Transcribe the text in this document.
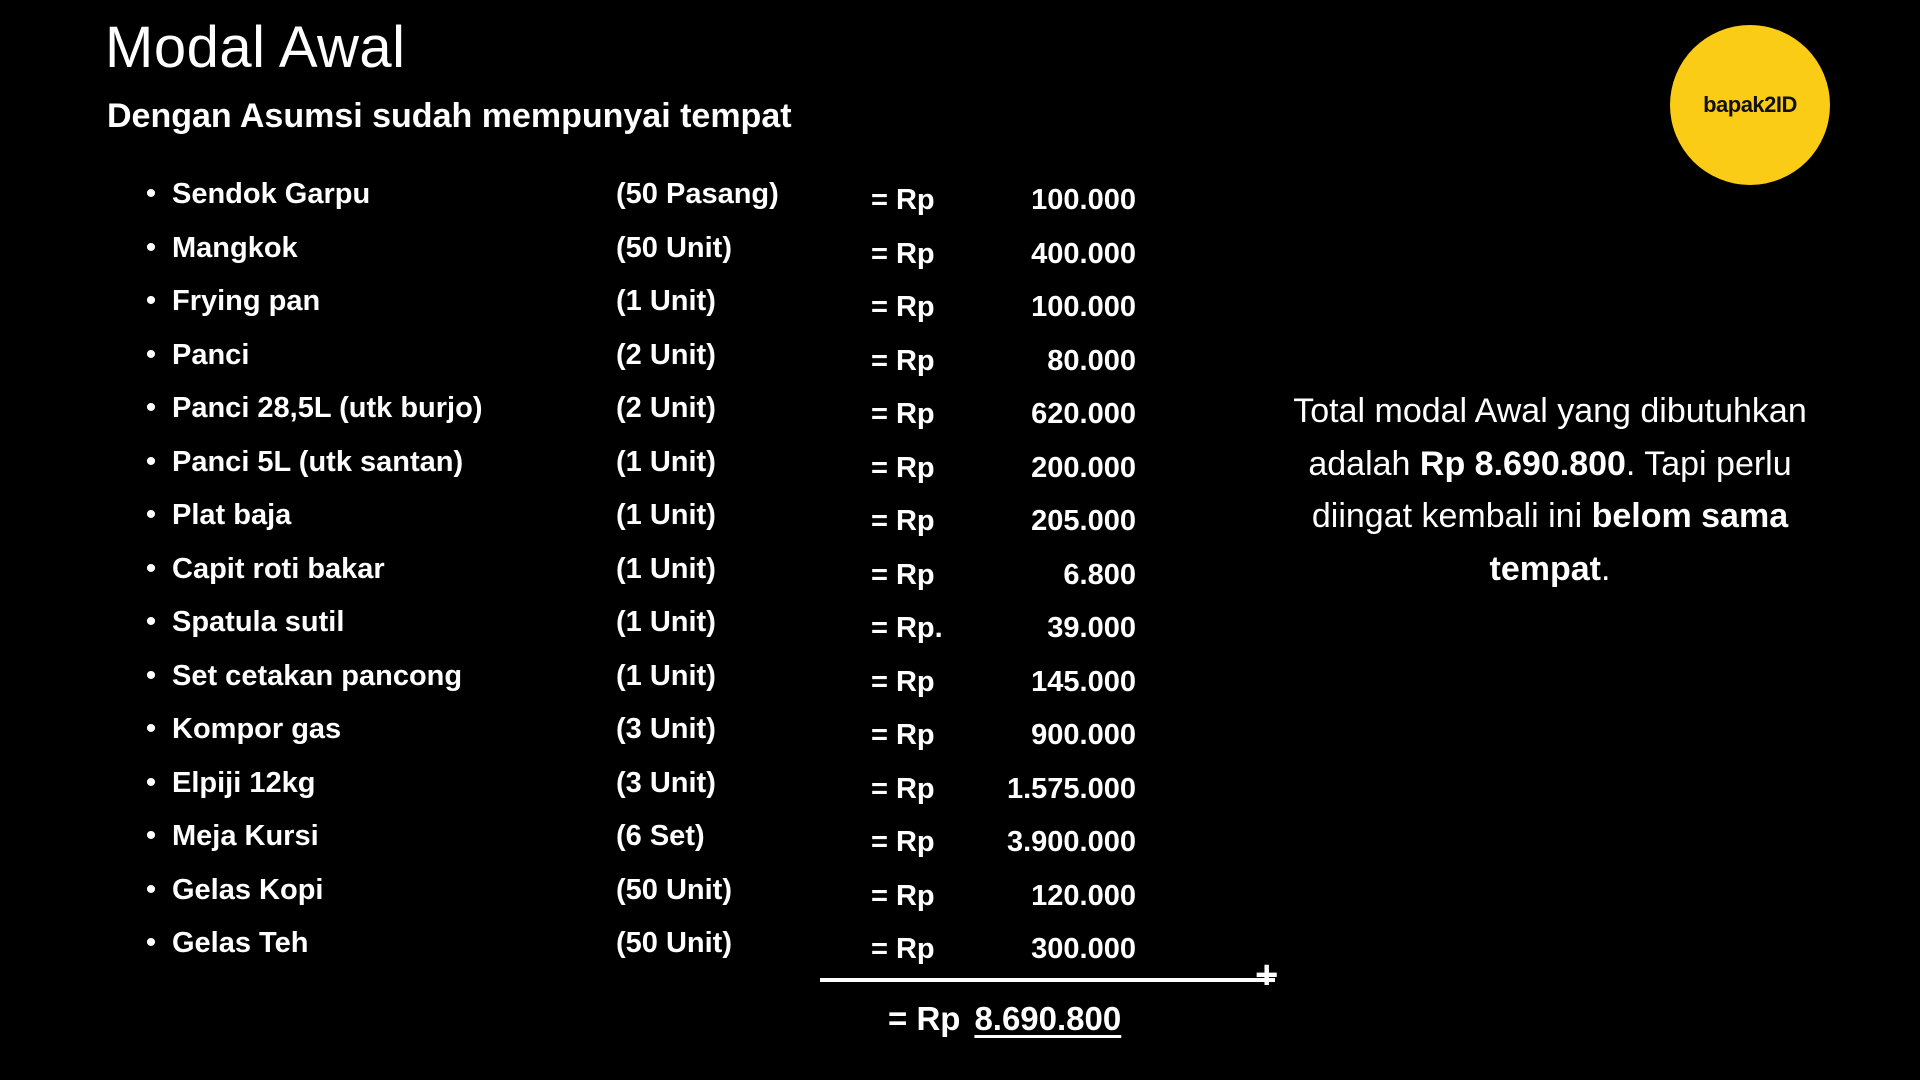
Modal Awal
Dengan Asumsi sudah mempunyai tempat	bapak2ID
• Sendok Garpu	(50 Pasang)	= Rp	100.000
• Mangkok	(50 Unit)	= Rp	400.000
• Frying pan	(1 Unit)	= Rp	100.000
• Panci	(2 Unit)	= Rp	80.000
• Panci 28,5L (utk burjo)	(2 Unit)	= Rp	620.000
• Panci 5L (utk santan)	(1 Unit)	= Rp	200.000
• Plat baja	(1 Unit)	= Rp	205.000
• Capit roti bakar	(1 Unit)	= Rp	6.800
• Spatula sutil	(1 Unit)	= Rp.	39.000
• Set cetakan pancong	(1 Unit)	= Rp	145.000
• Kompor gas	(3 Unit)	= Rp	900.000
• Elpiji 12kg	(3 Unit)	= Rp	1.575.000
• Meja Kursi	(6 Set)	= Rp	3.900.000
• Gelas Kopi	(50 Unit)	= Rp	120.000
• Gelas Teh	(50 Unit)	= Rp	300.000
+
= Rp 8.690.800
Total modal Awal yang dibutuhkan adalah Rp 8.690.800. Tapi perlu diingat kembali ini belom sama tempat.
